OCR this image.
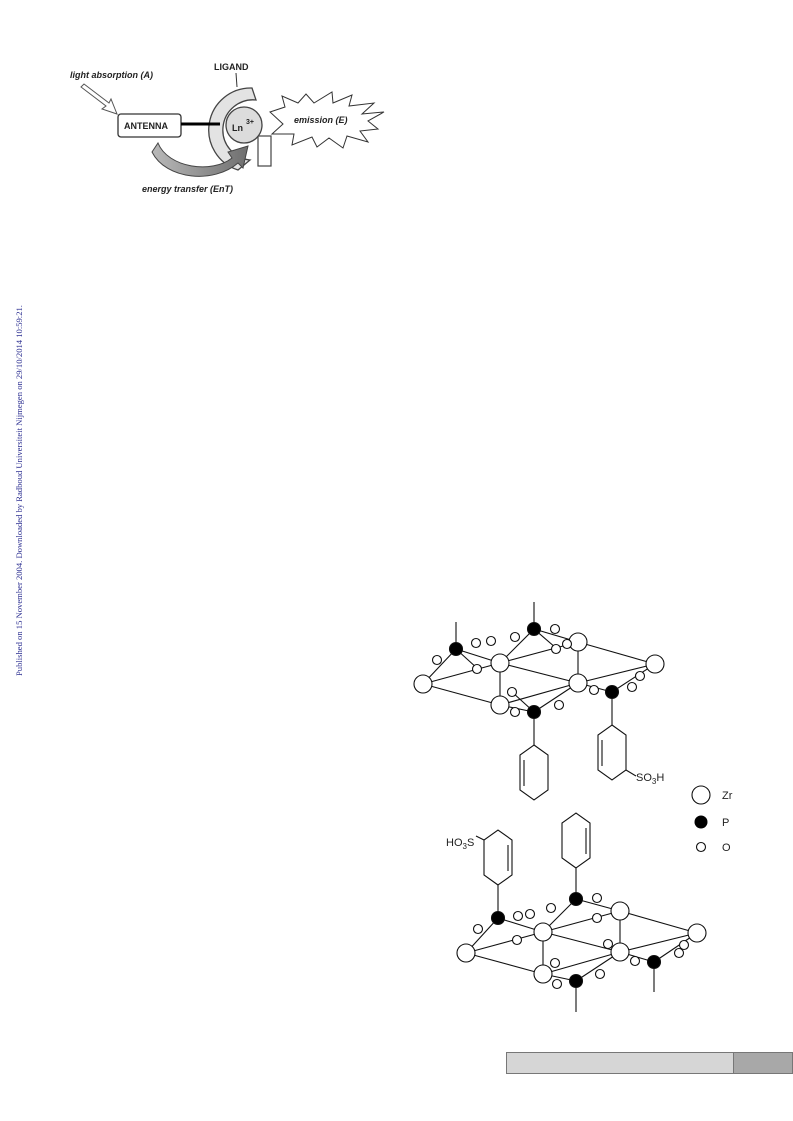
Published on 15 November 2004. Downloaded by Radboud Universiteit Nijmegen on 29/10/2014 10:59:21.
light absorption (A)
LIGAND
ANTENNA	Ln
3+	emission (E)
energy transfer (EnT)
$SO_3H$
$HO_3S$
Zr
P
O
